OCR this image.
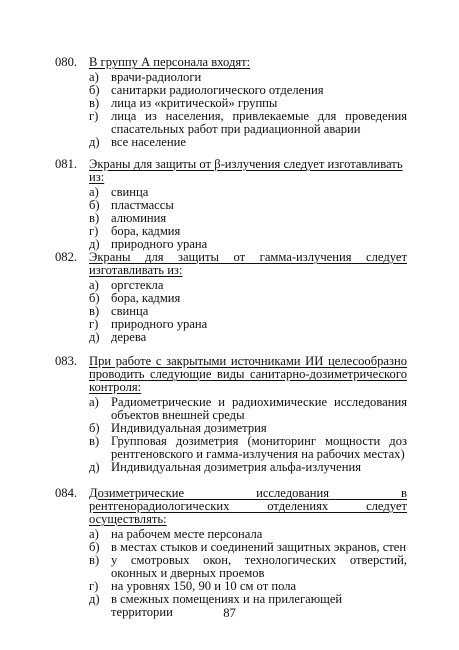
080. В группу А персонала входят:
а) врачи-радиологи
б) санитарки радиологического отделения
в) лица из «критической» группы
г)	лица из населения, привлекаемые для проведения спасательных работ при радиационной аварии
д) все население
081. Экраны для защиты от β-излучения следует изготавливать из:
а) свинца
б) пластмассы
в) алюминия
г)	бора, кадмия
д) природного урана
082. Экраны для защиты от гамма-излучения следует изготавливать из:
а) оргстекла
б) бора, кадмия
в) свинца
г)	природного урана
д) дерева
083. При работе с закрытыми источниками ИИ целесообразно проводить следующие виды санитарно-дозиметрического контроля:
а) Радиометрические и радиохимические исследования объектов внешней среды
б) Индивидуальная дозиметрия
в) Групповая дозиметрия (мониторинг мощности доз рентгеновского и гамма-излучения на рабочих местах)
д) Индивидуальная дозиметрия альфа-излучения
084. Дозиметрические исследования в рентгенорадиологических отделениях следует осуществлять:
а) на рабочем месте персонала
б) в местах стыков и соединений защитных экранов, стен
в) у смотровых окон, технологических отверстий, оконных и дверных проемов
г)	на уровнях 150, 90 и 10 см от пола
д) в смежных помещениях и на прилегающей территории	87
